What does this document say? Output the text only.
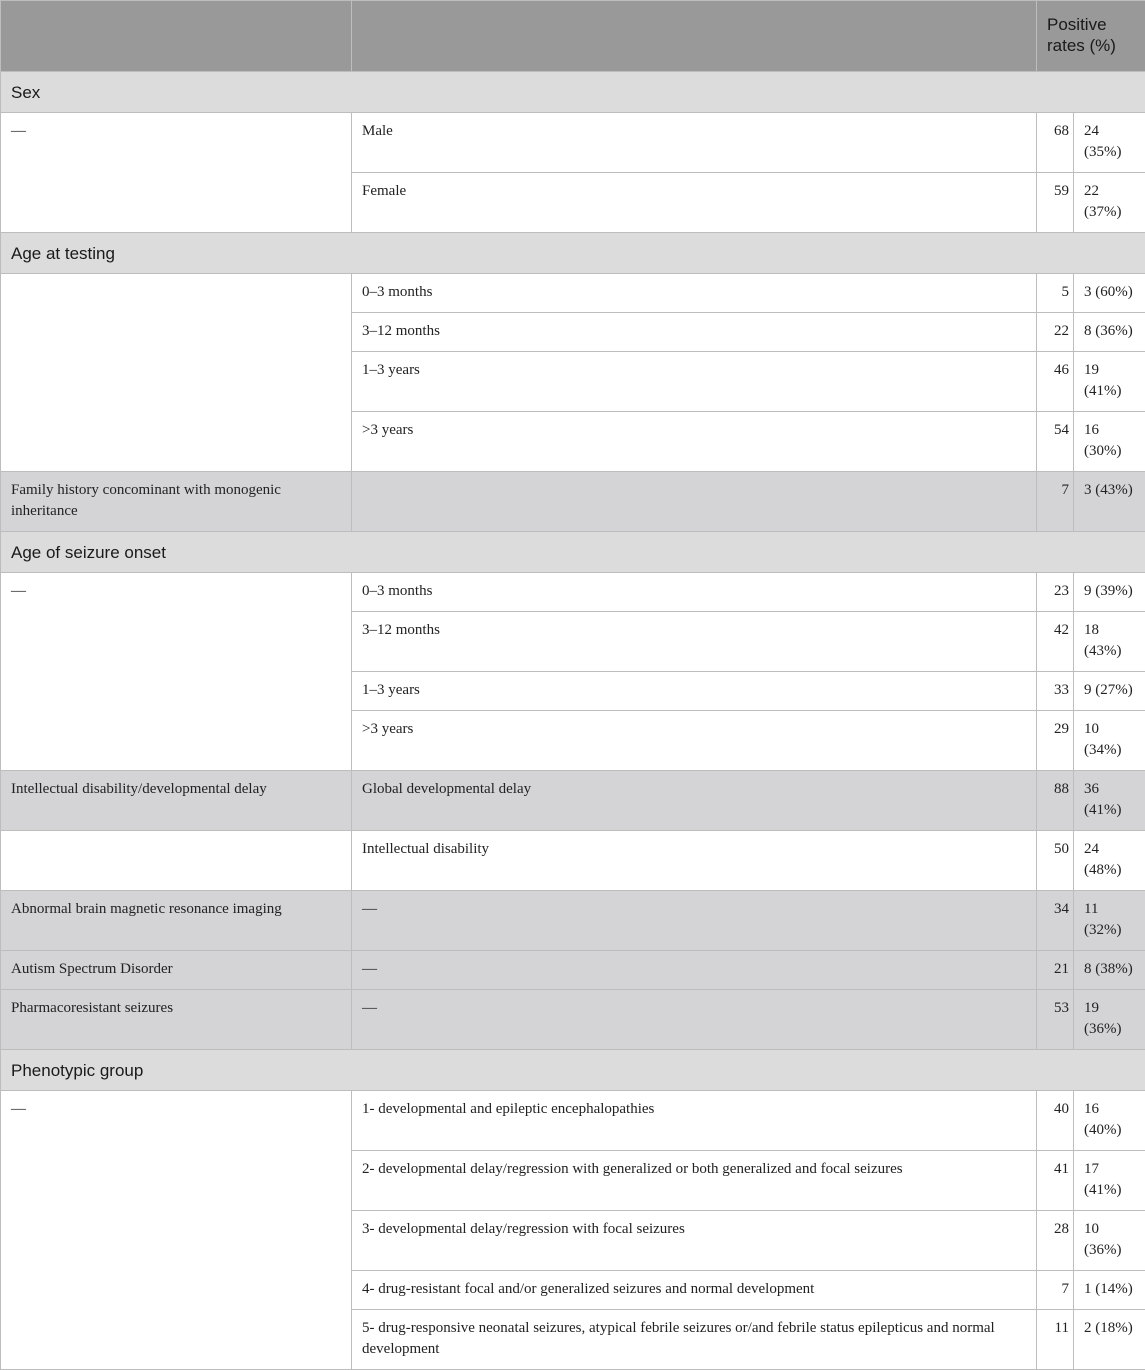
		Positive rates (%)	
Sex			
—	Male	68	24 (35%)
	Female	59	22 (37%)
Age at testing			
	0–3 months	5	3 (60%)
	3–12 months	22	8 (36%)
	1–3 years	46	19 (41%)
	>3 years	54	16 (30%)
Family history concominant with monogenic inheritance		7	3 (43%)
Age of seizure onset			
—	0–3 months	23	9 (39%)
	3–12 months	42	18 (43%)
	1–3 years	33	9 (27%)
	>3 years	29	10 (34%)
Intellectual disability/developmental delay	Global developmental delay	88	36 (41%)
	Intellectual disability	50	24 (48%)
Abnormal brain magnetic resonance imaging	—	34	11 (32%)
Autism Spectrum Disorder	—	21	8 (38%)
Pharmacoresistant seizures	—	53	19 (36%)
Phenotypic group			
—	1- developmental and epileptic encephalopathies	40	16 (40%)
	2- developmental delay/regression with generalized or both generalized and focal seizures	41	17 (41%)
	3- developmental delay/regression with focal seizures	28	10 (36%)
	4- drug-resistant focal and/or generalized seizures and normal development	7	1 (14%)
	5- drug-responsive neonatal seizures, atypical febrile seizures or/and febrile status epilepticus and normal development	11	2 (18%)
